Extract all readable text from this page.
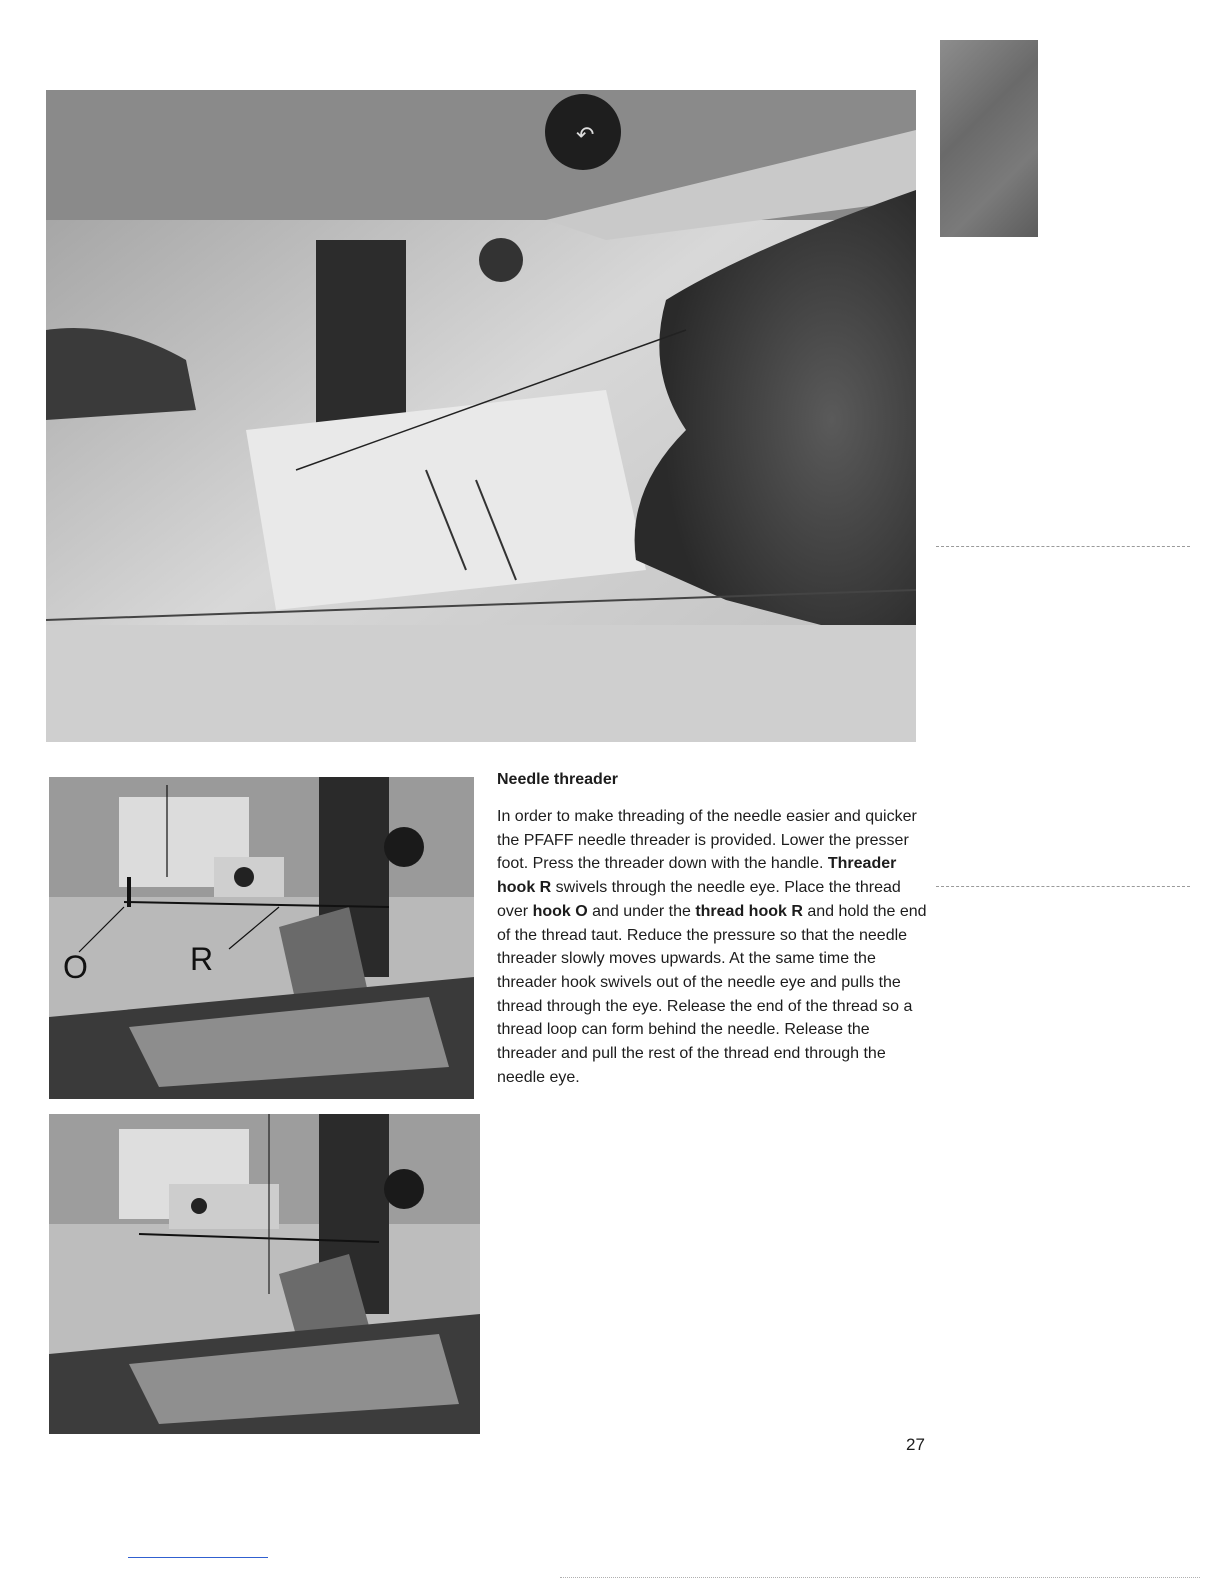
↶
O	R
Needle threader
In order to make threading of the needle easier and quicker the PFAFF needle threader is provided. Lower the presser foot. Press the threader down with the handle. Threader hook R swivels through the needle eye. Place the thread over hook O and under the thread hook R and hold the end of the thread taut. Reduce the pressure so that the needle threader slowly moves upwards. At the same time the threader hook swivels out of the needle eye and pulls the thread through the eye. Release the end of the thread so a thread loop can form behind the needle. Release the threader and pull the rest of the thread end through the needle eye.
27
